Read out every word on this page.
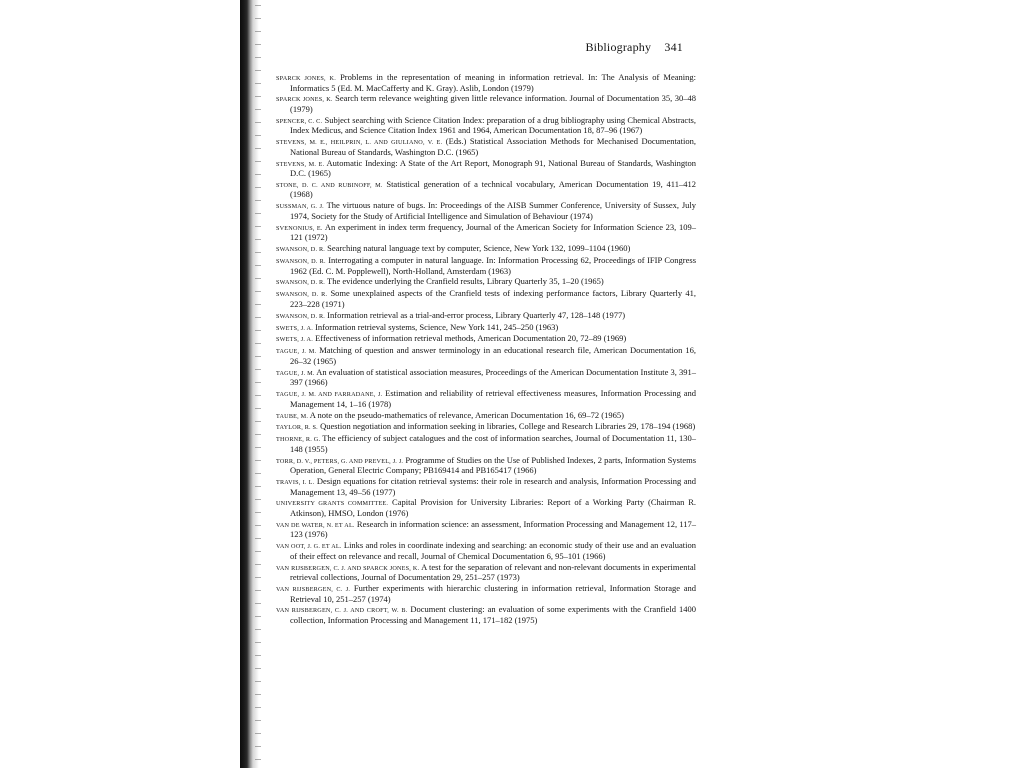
Bibliography 341
SPARCK JONES, K. Problems in the representation of meaning in information retrieval. In: The Analysis of Meaning: Informatics 5 (Ed. M. MacCafferty and K. Gray). Aslib, London (1979)
SPARCK JONES, K. Search term relevance weighting given little relevance information. Journal of Documentation 35, 30–48 (1979)
SPENCER, C. C. Subject searching with Science Citation Index: preparation of a drug bibliography using Chemical Abstracts, Index Medicus, and Science Citation Index 1961 and 1964, American Documentation 18, 87–96 (1967)
STEVENS, M. E., HEILPRIN, L. AND GIULIANO, V. E. (Eds.) Statistical Association Methods for Mechanised Documentation, National Bureau of Standards, Washington D.C. (1965)
STEVENS, M. E. Automatic Indexing: A State of the Art Report, Monograph 91, National Bureau of Standards, Washington D.C. (1965)
STONE, D. C. AND RUBINOFF, M. Statistical generation of a technical vocabulary, American Documentation 19, 411–412 (1968)
SUSSMAN, G. J. The virtuous nature of bugs. In: Proceedings of the AISB Summer Conference, University of Sussex, July 1974, Society for the Study of Artificial Intelligence and Simulation of Behaviour (1974)
SVENONIUS, E. An experiment in index term frequency, Journal of the American Society for Information Science 23, 109–121 (1972)
SWANSON, D. R. Searching natural language text by computer, Science, New York 132, 1099–1104 (1960)
SWANSON, D. R. Interrogating a computer in natural language. In: Information Processing 62, Proceedings of IFIP Congress 1962 (Ed. C. M. Popplewell), North-Holland, Amsterdam (1963)
SWANSON, D. R. The evidence underlying the Cranfield results, Library Quarterly 35, 1–20 (1965)
SWANSON, D. R. Some unexplained aspects of the Cranfield tests of indexing performance factors, Library Quarterly 41, 223–228 (1971)
SWANSON, D. R. Information retrieval as a trial-and-error process, Library Quarterly 47, 128–148 (1977)
SWETS, J. A. Information retrieval systems, Science, New York 141, 245–250 (1963)
SWETS, J. A. Effectiveness of information retrieval methods, American Documentation 20, 72–89 (1969)
TAGUE, J. M. Matching of question and answer terminology in an educational research file, American Documentation 16, 26–32 (1965)
TAGUE, J. M. An evaluation of statistical association measures, Proceedings of the American Documentation Institute 3, 391–397 (1966)
TAGUE, J. M. AND FARRADANE, J. Estimation and reliability of retrieval effectiveness measures, Information Processing and Management 14, 1–16 (1978)
TAUBE, M. A note on the pseudo-mathematics of relevance, American Documentation 16, 69–72 (1965)
TAYLOR, R. S. Question negotiation and information seeking in libraries, College and Research Libraries 29, 178–194 (1968)
THORNE, R. G. The efficiency of subject catalogues and the cost of information searches, Journal of Documentation 11, 130–148 (1955)
TORR, D. V., PETERS, G. AND PREVEL, J. J. Programme of Studies on the Use of Published Indexes, 2 parts, Information Systems Operation, General Electric Company; PB169414 and PB165417 (1966)
TRAVIS, I. L. Design equations for citation retrieval systems: their role in research and analysis, Information Processing and Management 13, 49–56 (1977)
UNIVERSITY GRANTS COMMITTEE. Capital Provision for University Libraries: Report of a Working Party (Chairman R. Atkinson), HMSO, London (1976)
VAN DE WATER, N. ET AL. Research in information science: an assessment, Information Processing and Management 12, 117–123 (1976)
VAN OOT, J. G. ET AL. Links and roles in coordinate indexing and searching: an economic study of their use and an evaluation of their effect on relevance and recall, Journal of Chemical Documentation 6, 95–101 (1966)
VAN RIJSBERGEN, C. J. AND SPARCK JONES, K. A test for the separation of relevant and non-relevant documents in experimental retrieval collections, Journal of Documentation 29, 251–257 (1973)
VAN RIJSBERGEN, C. J. Further experiments with hierarchic clustering in information retrieval, Information Storage and Retrieval 10, 251–257 (1974)
VAN RIJSBERGEN, C. J. AND CROFT, W. B. Document clustering: an evaluation of some experiments with the Cranfield 1400 collection, Information Processing and Management 11, 171–182 (1975)
